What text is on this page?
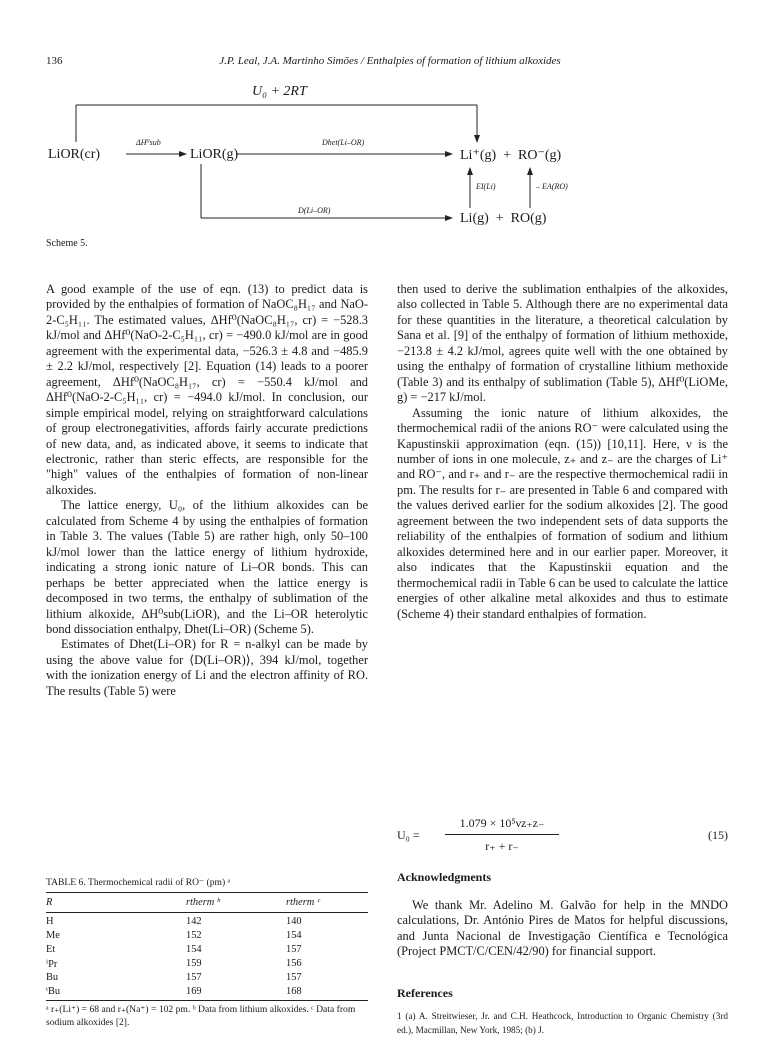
136	J.P. Leal, J.A. Martinho Simões / Enthalpies of formation of lithium alkoxides
U₀ + 2RT
LiOR(cr)
ΔH⁰sub
LiOR(g)
Dhet(Li–OR)
Li⁺(g)  +  RO⁻(g)
EI(Li)	– EA(RO)
D(Li–OR)
Li(g)  +  RO(g)
Scheme 5.

A good example of the use of eqn. (13) to predict data is provided by the enthalpies of formation of NaOC₈H₁₇ and NaO-2-C₅H₁₁. The estimated values, ΔHf⁰(NaOC₈H₁₇, cr) = −528.3 kJ/mol and ΔHf⁰(NaO-2-C₅H₁₁, cr) = −490.0 kJ/mol are in good agreement with the experimental data, −526.3 ± 4.8 and −485.9 ± 2.2 kJ/mol, respectively [2]. Equation (14) leads to a poorer agreement, ΔHf⁰(NaOC₈H₁₇, cr) = −550.4 kJ/mol and ΔHf⁰(NaO-2-C₅H₁₁, cr) = −494.0 kJ/mol. In conclusion, our simple empirical model, relying on straightforward calculations of group electronegativities, affords fairly accurate predictions of new data, and, as indicated above, it seems to indicate that electronic, rather than steric effects, are responsible for the "high" values of the enthalpies of formation of non-linear alkoxides.

The lattice energy, U₀, of the lithium alkoxides can be calculated from Scheme 4 by using the enthalpies of formation in Table 3. The values (Table 5) are rather high, only 50–100 kJ/mol lower than the lattice energy of lithium hydroxide, indicating a strong ionic nature of Li–OR bonds. This can perhaps be better appreciated when the lattice energy is decomposed in two terms, the enthalpy of sublimation of the lithium alkoxide, ΔH⁰sub(LiOR), and the Li–OR heterolytic bond dissociation enthalpy, Dhet(Li–OR) (Scheme 5).

Estimates of Dhet(Li–OR) for R = n-alkyl can be made by using the above value for ⟨D(Li–OR)⟩, 394 kJ/mol, together with the ionization energy of Li and the electron affinity of RO. The results (Table 5) were

TABLE 6. Thermochemical radii of RO⁻ (pm) ᵃ
R	rtherm ᵇ	rtherm ᶜ
H	142	140
Me	152	154
Et	154	157
ⁱPr	159	156
Bu	157	157
ᵗBu	169	168
ᵃ r₊(Li⁺) = 68 and r₊(Na⁺) = 102 pm. ᵇ Data from lithium alkoxides. ᶜ Data from sodium alkoxides [2].

then used to derive the sublimation enthalpies of the alkoxides, also collected in Table 5. Although there are no experimental data for these quantities in the literature, a theoretical calculation by Sana et al. [9] of the enthalpy of formation of lithium methoxide, −213.8 ± 4.2 kJ/mol, agrees quite well with the one obtained by using the enthalpy of formation of crystalline lithium methoxide (Table 3) and its enthalpy of sublimation (Table 5), ΔHf⁰(LiOMe, g) = −217 kJ/mol.

Assuming the ionic nature of lithium alkoxides, the thermochemical radii of the anions RO⁻ were calculated using the Kapustinskii approximation (eqn. (15)) [10,11]. Here, ν is the number of ions in one molecule, z₊ and z₋ are the charges of Li⁺ and RO⁻, and r₊ and r₋ are the respective thermochemical radii in pm. The results for r₋ are presented in Table 6 and compared with the values derived earlier for the sodium alkoxides [2]. The good agreement between the two independent sets of data supports the reliability of the enthalpies of formation of sodium and lithium alkoxides determined here and in our earlier paper. Moreover, it also indicates that the Kapustinskii equation and the thermochemical radii in Table 6 can be used to calculate the lattice energies of other alkaline metal alkoxides and thus to estimate (Scheme 4) their standard enthalpies of formation.

U₀ =
1.079 × 10⁵νz₊z₋
r₊ + r₋
(15)
Acknowledgments
We thank Mr. Adelino M. Galvão for help in the MNDO calculations, Dr. António Pires de Matos for helpful discussions, and Junta Nacional de Investigação Científica e Tecnológica (Project PMCT/C/CEN/42/90) for financial support.
References
1 (a) A. Streitwieser, Jr. and C.H. Heathcock, Introduction to Organic Chemistry (3rd ed.), Macmillan, New York, 1985; (b) J.
